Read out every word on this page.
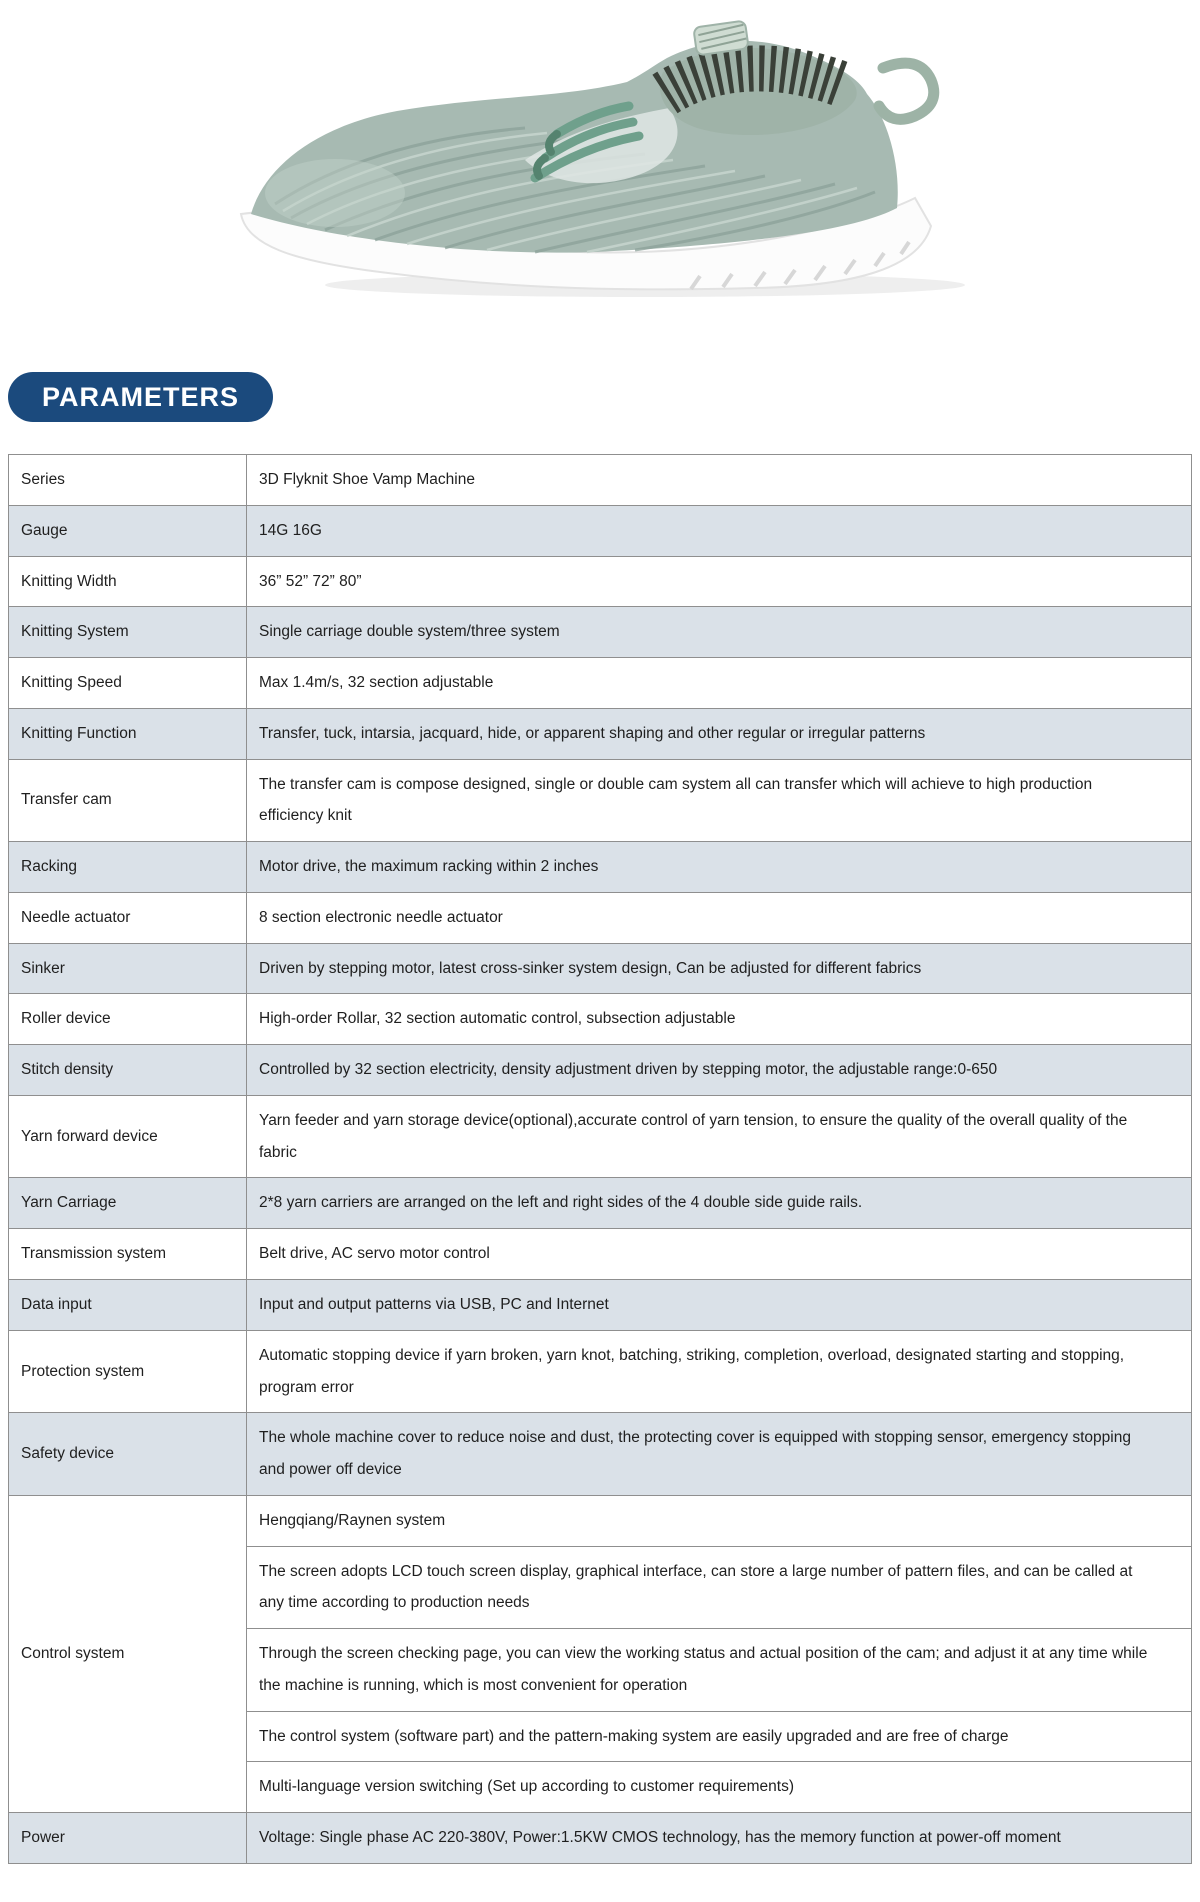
PARAMETERS
Series	3D Flyknit Shoe Vamp Machine
Gauge	14G 16G
Knitting Width	36” 52” 72” 80”
Knitting System	Single carriage double system/three system
Knitting Speed	Max 1.4m/s, 32 section adjustable
Knitting Function	Transfer, tuck, intarsia, jacquard, hide, or apparent shaping and other regular or irregular patterns
Transfer cam	The transfer cam is compose designed, single or double cam system all can transfer which will achieve to high production efficiency knit
Racking	Motor drive, the maximum racking within 2 inches
Needle actuator	8 section electronic needle actuator
Sinker	Driven by stepping motor, latest cross-sinker system design, Can be adjusted for different fabrics
Roller device	High-order Rollar, 32 section automatic control, subsection adjustable
Stitch density	Controlled by 32 section electricity, density adjustment driven by stepping motor, the adjustable range:0-650
Yarn forward device	Yarn feeder and yarn storage device(optional),accurate control of yarn tension, to ensure the quality of the overall quality of the fabric
Yarn Carriage	2*8 yarn carriers are arranged on the left and right sides of the 4 double side guide rails.
Transmission system	Belt drive, AC servo motor control
Data input	Input and output patterns via USB, PC and Internet
Protection system	Automatic stopping device if yarn broken, yarn knot, batching, striking, completion, overload, designated starting and stopping, program error
Safety device	The whole machine cover to reduce noise and dust, the protecting cover is equipped with stopping sensor, emergency stopping and power off device
Control system	Hengqiang/Raynen system
	The screen adopts LCD touch screen display, graphical interface, can store a large number of pattern files, and can be called at any time according to production needs
	Through the screen checking page, you can view the working status and actual position of the cam; and adjust it at any time while the machine is running, which is most convenient for operation
	The control system (software part) and the pattern-making system are easily upgraded and are free of charge
	Multi-language version switching (Set up according to customer requirements)
Power	Voltage: Single phase AC 220-380V, Power:1.5KW CMOS technology, has the memory function at power-off moment
